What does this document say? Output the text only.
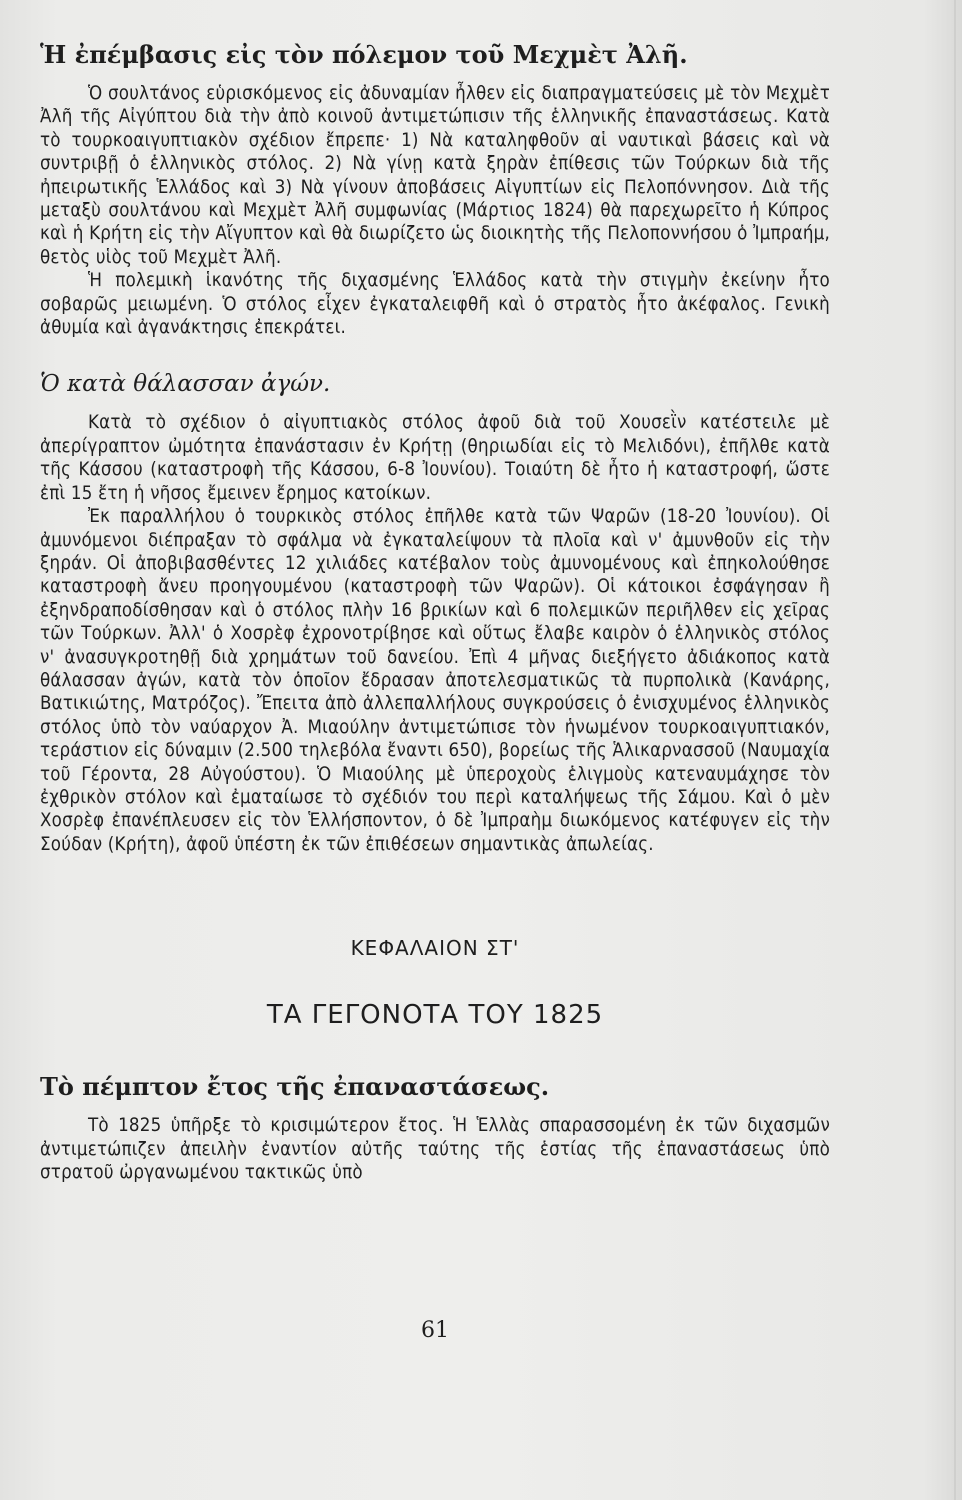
Ἡ ἐπέμβασις εἰς τὸν πόλεμον τοῦ Μεχμὲτ Ἀλῆ.

Ὁ σουλτάνος εὑρισκόμενος εἰς ἀδυναμίαν ἦλθεν εἰς διαπραγματεύσεις μὲ τὸν Μεχμὲτ Ἀλῆ τῆς Αἰγύπτου διὰ τὴν ἀπὸ κοινοῦ ἀντιμετώπισιν τῆς ἑλληνικῆς ἐπαναστάσεως. Κατὰ τὸ τουρκοαιγυπτιακὸν σχέδιον ἔπρεπε· 1) Νὰ καταληφθοῦν αἱ ναυτικαὶ βάσεις καὶ νὰ συντριβῇ ὁ ἑλληνικὸς στόλος. 2) Νὰ γίνῃ κατὰ ξηρὰν ἐπίθεσις τῶν Τούρκων διὰ τῆς ἠπειρωτικῆς Ἑλλάδος καὶ 3) Νὰ γίνουν ἀποβάσεις Αἰγυπτίων εἰς Πελοπόννησον. Διὰ τῆς μεταξὺ σουλτάνου καὶ Μεχμὲτ Ἀλῆ συμφωνίας (Μάρτιος 1824) θὰ παρεχωρεῖτο ἡ Κύπρος καὶ ἡ Κρήτη εἰς τὴν Αἴγυπτον καὶ θὰ διωρίζετο ὡς διοικητὴς τῆς Πελοποννήσου ὁ Ἰμπραήμ, θετὸς υἱὸς τοῦ Μεχμὲτ Ἀλῆ.

Ἡ πολεμικὴ ἱκανότης τῆς διχασμένης Ἑλλάδος κατὰ τὴν στιγμὴν ἐκείνην ἦτο σοβαρῶς μειωμένη. Ὁ στόλος εἶχεν ἐγκαταλειφθῆ καὶ ὁ στρατὸς ἦτο ἀκέφαλος. Γενικὴ ἀθυμία καὶ ἀγανάκτησις ἐπεκράτει.

Ὁ κατὰ θάλασσαν ἀγών.

Κατὰ τὸ σχέδιον ὁ αἰγυπτιακὸς στόλος ἀφοῦ διὰ τοῦ Χουσεῒν κατέστειλε μὲ ἀπερίγραπτον ὠμότητα ἐπανάστασιν ἐν Κρήτῃ (θηριωδίαι εἰς τὸ Μελιδόνι), ἐπῆλθε κατὰ τῆς Κάσσου (καταστροφὴ τῆς Κάσσου, 6-8 Ἰουνίου). Τοιαύτη δὲ ἦτο ἡ καταστροφή, ὥστε ἐπὶ 15 ἔτη ἡ νῆσος ἔμεινεν ἔρημος κατοίκων.

Ἐκ παραλλήλου ὁ τουρκικὸς στόλος ἐπῆλθε κατὰ τῶν Ψαρῶν (18-20 Ἰουνίου). Οἱ ἀμυνόμενοι διέπραξαν τὸ σφάλμα νὰ ἐγκαταλείψουν τὰ πλοῖα καὶ ν' ἀμυνθοῦν εἰς τὴν ξηράν. Οἱ ἀποβιβασθέντες 12 χιλιάδες κατέβαλον τοὺς ἀμυνομένους καὶ ἐπηκολούθησε καταστροφὴ ἄνευ προηγουμένου (καταστροφὴ τῶν Ψαρῶν). Οἱ κάτοικοι ἐσφάγησαν ἢ ἐξηνδραποδίσθησαν καὶ ὁ στόλος πλὴν 16 βρικίων καὶ 6 πολεμικῶν περιῆλθεν εἰς χεῖρας τῶν Τούρκων. Ἀλλ' ὁ Χοσρὲφ ἐχρονοτρίβησε καὶ οὕτως ἔλαβε καιρὸν ὁ ἑλληνικὸς στόλος ν' ἀνασυγκροτηθῇ διὰ χρημάτων τοῦ δανείου. Ἐπὶ 4 μῆνας διεξήγετο ἀδιάκοπος κατὰ θάλασσαν ἀγών, κατὰ τὸν ὁποῖον ἔδρασαν ἀποτελεσματικῶς τὰ πυρπολικὰ (Κανάρης, Βατικιώτης, Ματρόζος). Ἔπειτα ἀπὸ ἀλλεπαλλήλους συγκρούσεις ὁ ἐνισχυμένος ἑλληνικὸς στόλος ὑπὸ τὸν ναύαρχον Ἀ. Μιαούλην ἀντιμετώπισε τὸν ἡνωμένον τουρκοαιγυπτιακόν, τεράστιον εἰς δύναμιν (2.500 τηλεβόλα ἔναντι 650), βορείως τῆς Ἁλικαρνασσοῦ (Ναυμαχία τοῦ Γέροντα, 28 Αὐγούστου). Ὁ Μιαούλης μὲ ὑπεροχοὺς ἑλιγμοὺς κατεναυμάχησε τὸν ἐχθρικὸν στόλον καὶ ἐματαίωσε τὸ σχέδιόν του περὶ καταλήψεως τῆς Σάμου. Καὶ ὁ μὲν Χοσρὲφ ἐπανέπλευσεν εἰς τὸν Ἑλλήσποντον, ὁ δὲ Ἰμπραὴμ διωκόμενος κατέφυγεν εἰς τὴν Σούδαν (Κρήτη), ἀφοῦ ὑπέστη ἐκ τῶν ἐπιθέσεων σημαντικὰς ἀπωλείας.

ΚΕΦΑΛΑΙΟΝ ΣΤ'
ΤΑ ΓΕΓΟΝΟΤΑ ΤΟΥ 1825
Τὸ πέμπτον ἔτος τῆς ἐπαναστάσεως.

Τὸ 1825 ὑπῆρξε τὸ κρισιμώτερον ἔτος. Ἡ Ἑλλὰς σπαρασσομένη ἐκ τῶν διχασμῶν ἀντιμετώπιζεν ἀπειλὴν ἐναντίον αὐτῆς ταύτης τῆς ἑστίας τῆς ἐπαναστάσεως ὑπὸ στρατοῦ ὠργανωμένου τακτικῶς ὑπὸ

61
